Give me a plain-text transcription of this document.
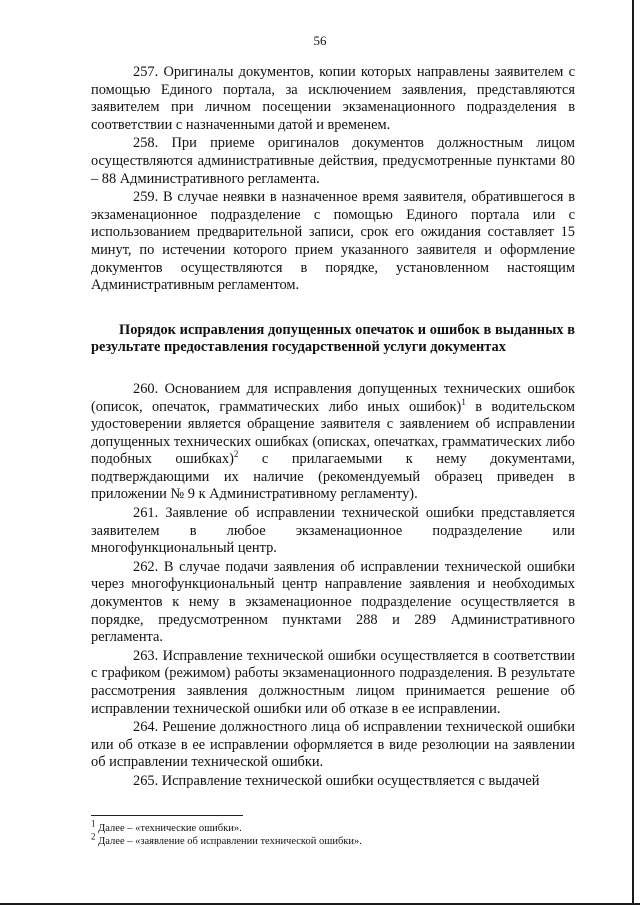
56

257. Оригиналы документов, копии которых направлены заявителем с помощью Единого портала, за исключением заявления, представляются заявителем при личном посещении экзаменационного подразделения в соответствии с назначенными датой и временем.

258. При приеме оригиналов документов должностным лицом осуществляются административные действия, предусмотренные пунктами 80 – 88 Административного регламента.

259. В случае неявки в назначенное время заявителя, обратившегося в экзаменационное подразделение с помощью Единого портала или с использованием предварительной записи, срок его ожидания составляет 15 минут, по истечении которого прием указанного заявителя и оформление документов осуществляются в порядке, установленном настоящим Административным регламентом.

Порядок исправления допущенных опечаток и ошибок в выданных в результате предоставления государственной услуги документах

260. Основанием для исправления допущенных технических ошибок (описок, опечаток, грамматических либо иных ошибок)$^1$ в водительском удостоверении является обращение заявителя с заявлением об исправлении допущенных технических ошибках (описках, опечатках, грамматических либо подобных ошибках)$^2$ с прилагаемыми к нему документами, подтверждающими их наличие (рекомендуемый образец приведен в приложении № 9 к Административному регламенту).

261. Заявление об исправлении технической ошибки представляется заявителем в любое экзаменационное подразделение или многофункциональный центр.

262. В случае подачи заявления об исправлении технической ошибки через многофункциональный центр направление заявления и необходимых документов к нему в экзаменационное подразделение осуществляется в порядке, предусмотренном пунктами 288 и 289 Административного регламента.

263. Исправление технической ошибки осуществляется в соответствии с графиком (режимом) работы экзаменационного подразделения. В результате рассмотрения заявления должностным лицом принимается решение об исправлении технической ошибки или об отказе в ее исправлении.

264. Решение должностного лица об исправлении технической ошибки или об отказе в ее исправлении оформляется в виде резолюции на заявлении об исправлении технической ошибки.

265. Исправление технической ошибки осуществляется с выдачей

$^1$ Далее – «технические ошибки».

$^2$ Далее – «заявление об исправлении технической ошибки».
